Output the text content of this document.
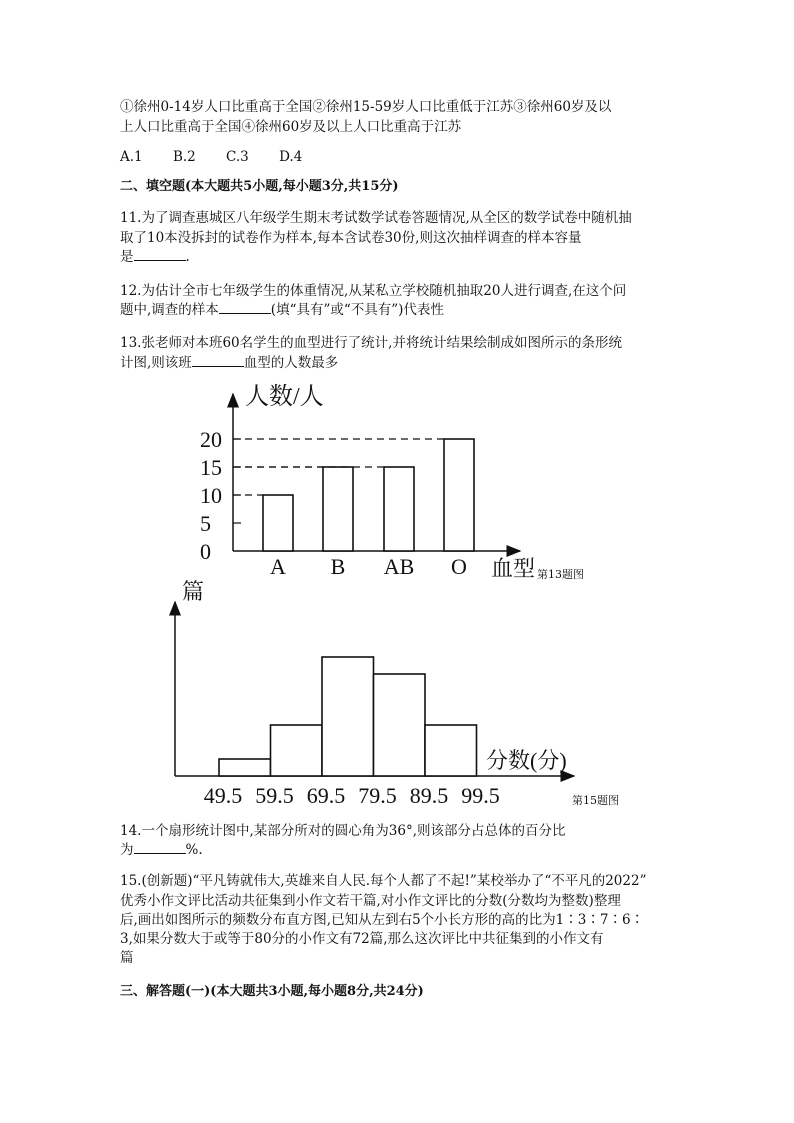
①徐州0-14岁人口比重高于全国②徐州15-59岁人口比重低于江苏③徐州60岁及以
上人口比重高于全国④徐州60岁及以上人口比重高于江苏
A.1 B.2 C.3 D.4
二、填空题(本大题共5小题,每小题3分,共15分)
11.为了调查惠城区八年级学生期末考试数学试卷答题情况,从全区的数学试卷中随机抽
取了10本没拆封的试卷作为样本,每本含试卷30份,则这次抽样调查的样本容量
是	.
12.为估计全市七年级学生的体重情况,从某私立学校随机抽取20人进行调查,在这个问
题中,调查的样本	(填“具有”或“不具有”)代表性
13.张老师对本班60名学生的血型进行了统计,并将统计结果绘制成如图所示的条形统
计图,则该班	血型的人数最多
人数/人
血型
0
5
10
15
20
A B AB O	第13题图
篇
分数(分)
49.5 59.5 69.5 79.5 89.5 99.5	第15题图
14.一个扇形统计图中,某部分所对的圆心角为36°,则该部分占总体的百分比
为	%.
15.(创新题)“平凡铸就伟大,英雄来自人民.每个人都了不起!”某校举办了“不平凡的2022”
优秀小作文评比活动共征集到小作文若干篇,对小作文评比的分数(分数均为整数)整理
后,画出如图所示的频数分布直方图,已知从左到右5个小长方形的高的比为1∶3∶7∶6∶
3,如果分数大于或等于80分的小作文有72篇,那么这次评比中共征集到的小作文有
篇
三、解答题(一)(本大题共3小题,每小题8分,共24分)
